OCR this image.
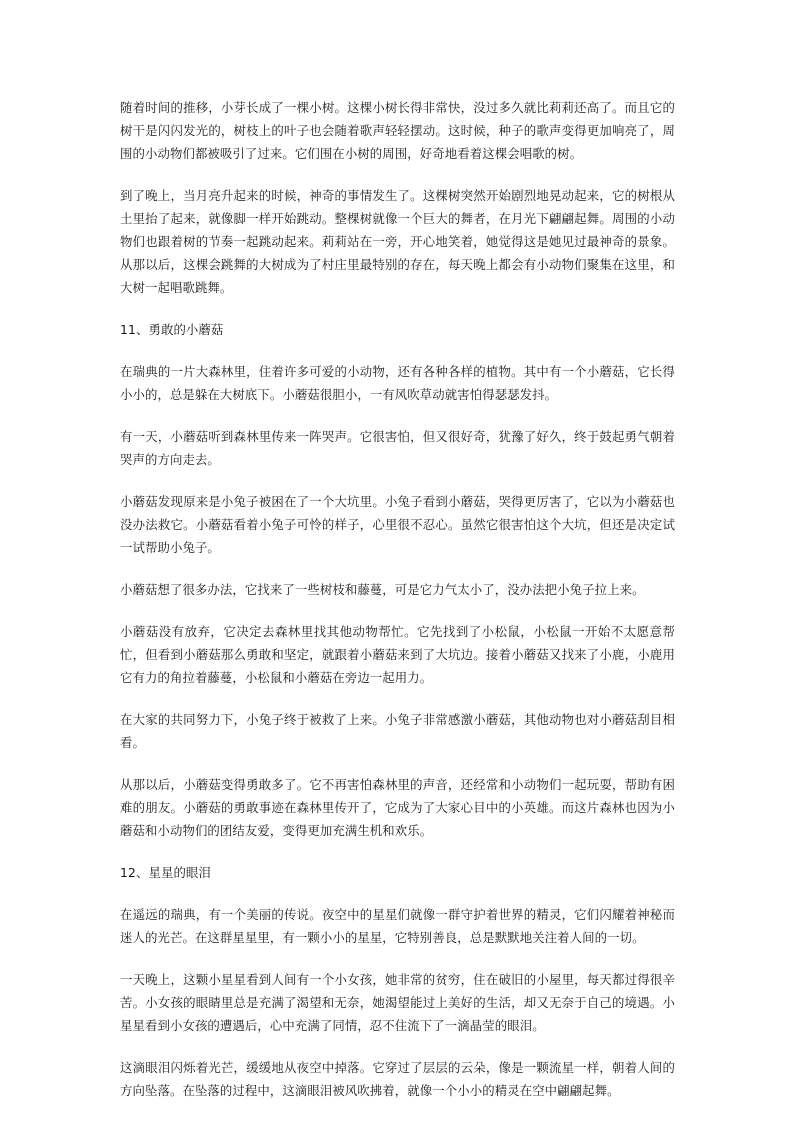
随着时间的推移，小芽长成了一棵小树。这棵小树长得非常快，没过多久就比莉莉还高了。而且它的树干是闪闪发光的，树枝上的叶子也会随着歌声轻轻摆动。这时候，种子的歌声变得更加响亮了，周围的小动物们都被吸引了过来。它们围在小树的周围，好奇地看着这棵会唱歌的树。

到了晚上，当月亮升起来的时候，神奇的事情发生了。这棵树突然开始剧烈地晃动起来，它的树根从土里抬了起来，就像脚一样开始跳动。整棵树就像一个巨大的舞者，在月光下翩翩起舞。周围的小动物们也跟着树的节奏一起跳动起来。莉莉站在一旁，开心地笑着，她觉得这是她见过最神奇的景象。从那以后，这棵会跳舞的大树成为了村庄里最特别的存在，每天晚上都会有小动物们聚集在这里，和大树一起唱歌跳舞。

11、勇敢的小蘑菇

在瑞典的一片大森林里，住着许多可爱的小动物，还有各种各样的植物。其中有一个小蘑菇，它长得小小的，总是躲在大树底下。小蘑菇很胆小，一有风吹草动就害怕得瑟瑟发抖。

有一天，小蘑菇听到森林里传来一阵哭声。它很害怕，但又很好奇，犹豫了好久，终于鼓起勇气朝着哭声的方向走去。

小蘑菇发现原来是小兔子被困在了一个大坑里。小兔子看到小蘑菇，哭得更厉害了，它以为小蘑菇也没办法救它。小蘑菇看着小兔子可怜的样子，心里很不忍心。虽然它很害怕这个大坑，但还是决定试一试帮助小兔子。

小蘑菇想了很多办法，它找来了一些树枝和藤蔓，可是它力气太小了，没办法把小兔子拉上来。

小蘑菇没有放弃，它决定去森林里找其他动物帮忙。它先找到了小松鼠，小松鼠一开始不太愿意帮忙，但看到小蘑菇那么勇敢和坚定，就跟着小蘑菇来到了大坑边。接着小蘑菇又找来了小鹿，小鹿用它有力的角拉着藤蔓，小松鼠和小蘑菇在旁边一起用力。

在大家的共同努力下，小兔子终于被救了上来。小兔子非常感激小蘑菇，其他动物也对小蘑菇刮目相看。

从那以后，小蘑菇变得勇敢多了。它不再害怕森林里的声音，还经常和小动物们一起玩耍，帮助有困难的朋友。小蘑菇的勇敢事迹在森林里传开了，它成为了大家心目中的小英雄。而这片森林也因为小蘑菇和小动物们的团结友爱，变得更加充满生机和欢乐。

12、星星的眼泪

在遥远的瑞典，有一个美丽的传说。夜空中的星星们就像一群守护着世界的精灵，它们闪耀着神秘而迷人的光芒。在这群星星里，有一颗小小的星星，它特别善良，总是默默地关注着人间的一切。

一天晚上，这颗小星星看到人间有一个小女孩，她非常的贫穷，住在破旧的小屋里，每天都过得很辛苦。小女孩的眼睛里总是充满了渴望和无奈，她渴望能过上美好的生活，却又无奈于自己的境遇。小星星看到小女孩的遭遇后，心中充满了同情，忍不住流下了一滴晶莹的眼泪。

这滴眼泪闪烁着光芒，缓缓地从夜空中掉落。它穿过了层层的云朵，像是一颗流星一样，朝着人间的方向坠落。在坠落的过程中，这滴眼泪被风吹拂着，就像一个小小的精灵在空中翩翩起舞。
